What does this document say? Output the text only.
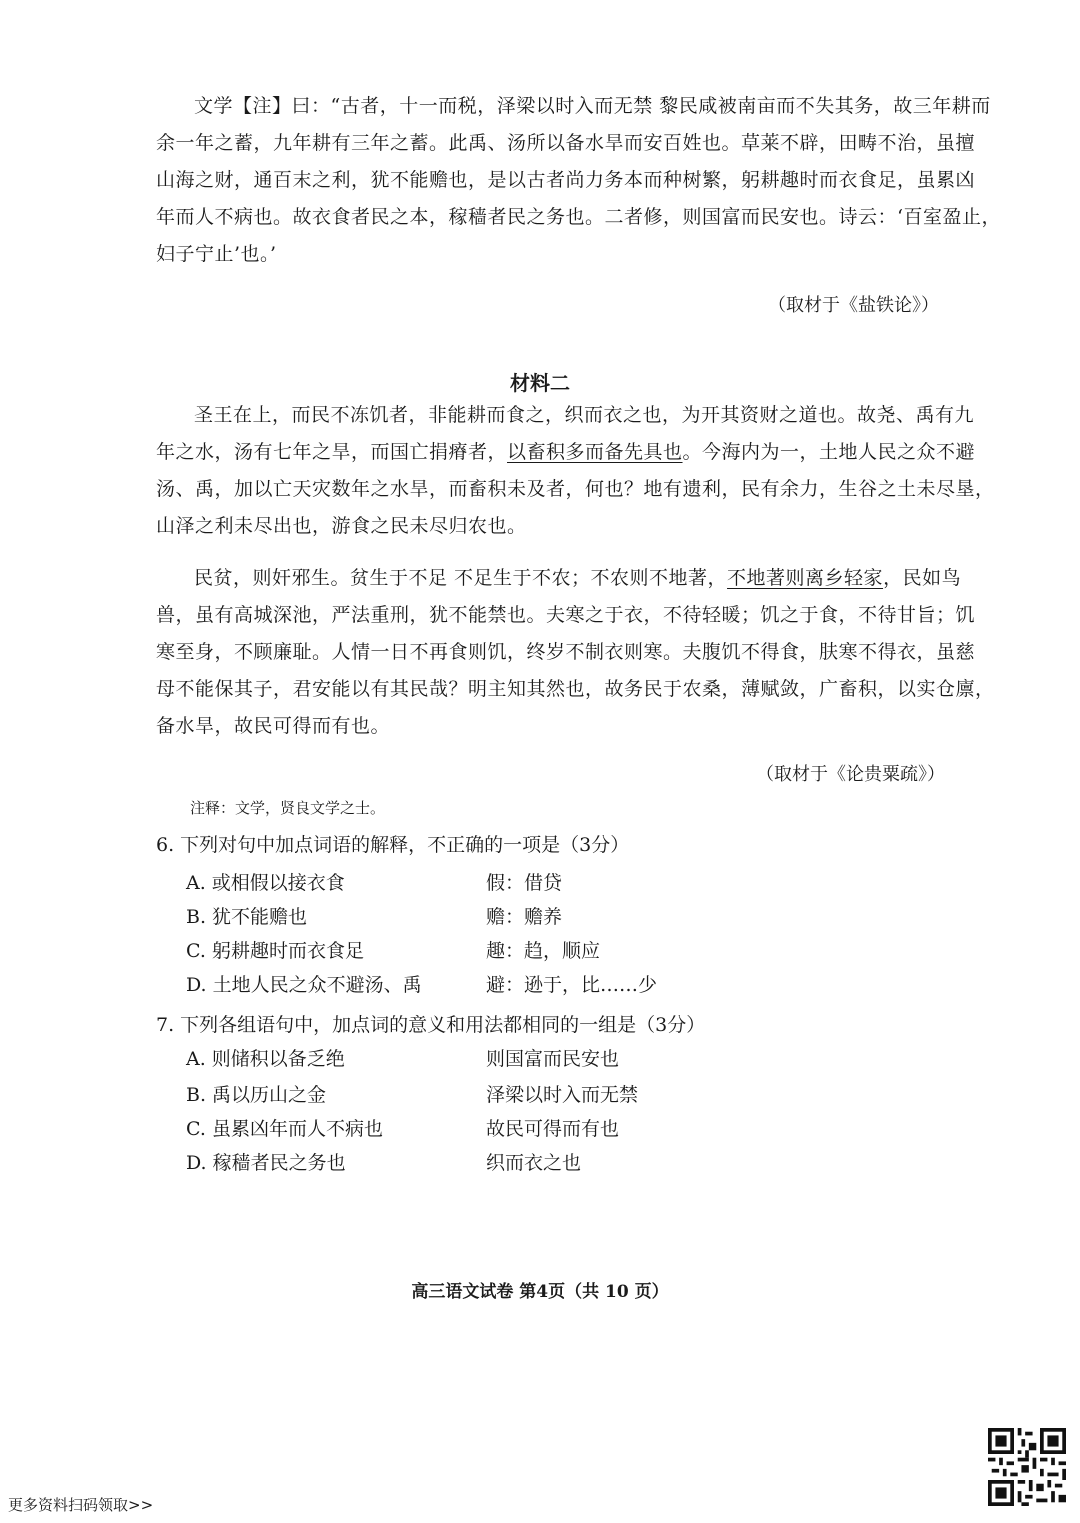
文学【注】曰：“古者，十一而税，泽梁以时入而无禁 黎民咸被南亩而不失其务，故三年耕而
余一年之蓄，九年耕有三年之蓄。此禹、汤所以备水旱而安百姓也。草莱不辟，田畴不治，虽擅
山海之财，通百末之利，犹不能赡也，是以古者尚力务本而种树繁，躬耕趣时而衣食足，虽累凶
年而人不病也。故衣食者民之本，稼穑者民之务也。二者修，则国富而民安也。诗云：‘百室盈止，
妇子宁止’也。’
（取材于《盐铁论》）
材料二
圣王在上，而民不冻饥者，非能耕而食之，织而衣之也，为开其资财之道也。故尧、禹有九
年之水，汤有七年之旱，而国亡捐瘠者，以畜积多而备先具也。今海内为一，土地人民之众不避
汤、禹，加以亡天灾数年之水旱，而畜积未及者，何也？地有遗利，民有余力，生谷之土未尽垦，
山泽之利未尽出也，游食之民未尽归农也。
民贫，则奸邪生。贫生于不足 不足生于不农；不农则不地著，不地著则离乡轻家，民如鸟
兽，虽有高城深池，严法重刑，犹不能禁也。夫寒之于衣，不待轻暖；饥之于食，不待甘旨；饥
寒至身，不顾廉耻。人情一日不再食则饥，终岁不制衣则寒。夫腹饥不得食，肤寒不得衣，虽慈
母不能保其子，君安能以有其民哉？明主知其然也，故务民于农桑，薄赋敛，广畜积，以实仓廪，
备水旱，故民可得而有也。
（取材于《论贵粟疏》）
注释：文学，贤良文学之士。
6. 下列对句中加点词语的解释，不正确的一项是（3分）
A. 或相假以接衣食	假：借贷
B. 犹不能赡也	赡：赡养
C. 躬耕趣时而衣食足	趣：趋，顺应
D. 土地人民之众不避汤、禹	避：逊于，比……少
7. 下列各组语句中，加点词的意义和用法都相同的一组是（3分）
A. 则储积以备乏绝	则国富而民安也
B. 禹以历山之金	泽梁以时入而无禁
C. 虽累凶年而人不病也	故民可得而有也
D. 稼穑者民之务也	织而衣之也
高三语文试卷 第4页（共 10 页）
更多资料扫码领取>>
